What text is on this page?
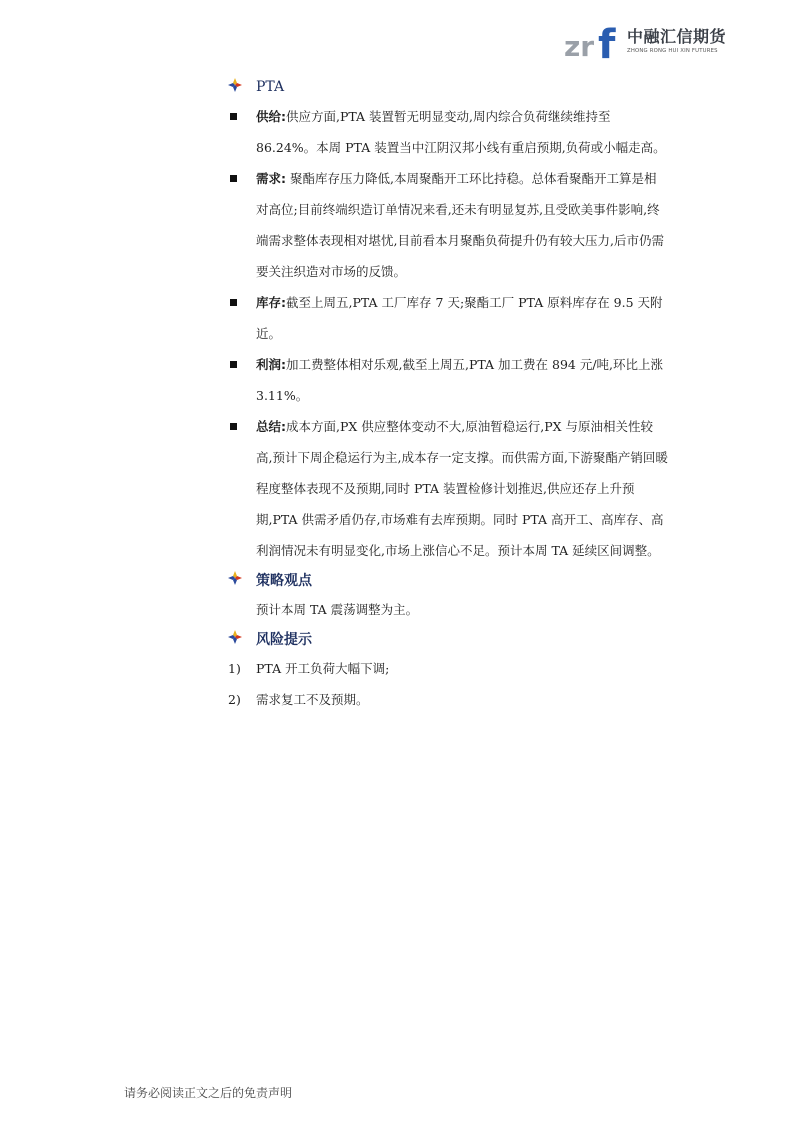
zr f 中融汇信期货
ZHONG RONG HUI XIN FUTURES
PTA
供给:供应方面,PTA 装置暂无明显变动,周内综合负荷继续维持至 86.24%。本周 PTA 装置当中江阴汉邦小线有重启预期,负荷或小幅走高。
需求: 聚酯库存压力降低,本周聚酯开工环比持稳。总体看聚酯开工算是相对高位;目前终端织造订单情况来看,还未有明显复苏,且受欧美事件影响,终端需求整体表现相对堪忧,目前看本月聚酯负荷提升仍有较大压力,后市仍需要关注织造对市场的反馈。
库存:截至上周五,PTA 工厂库存 7 天;聚酯工厂 PTA 原料库存在 9.5 天附近。
利润:加工费整体相对乐观,截至上周五,PTA 加工费在 894 元/吨,环比上涨 3.11%。
总结:成本方面,PX 供应整体变动不大,原油暂稳运行,PX 与原油相关性较高,预计下周企稳运行为主,成本存一定支撑。而供需方面,下游聚酯产销回暖程度整体表现不及预期,同时 PTA 装置检修计划推迟,供应还存上升预期,PTA 供需矛盾仍存,市场难有去库预期。同时 PTA 高开工、高库存、高利润情况未有明显变化,市场上涨信心不足。预计本周 TA 延续区间调整。
策略观点
预计本周 TA 震荡调整为主。
风险提示
1)	PTA 开工负荷大幅下调;
2)	需求复工不及预期。
请务必阅读正文之后的免责声明
